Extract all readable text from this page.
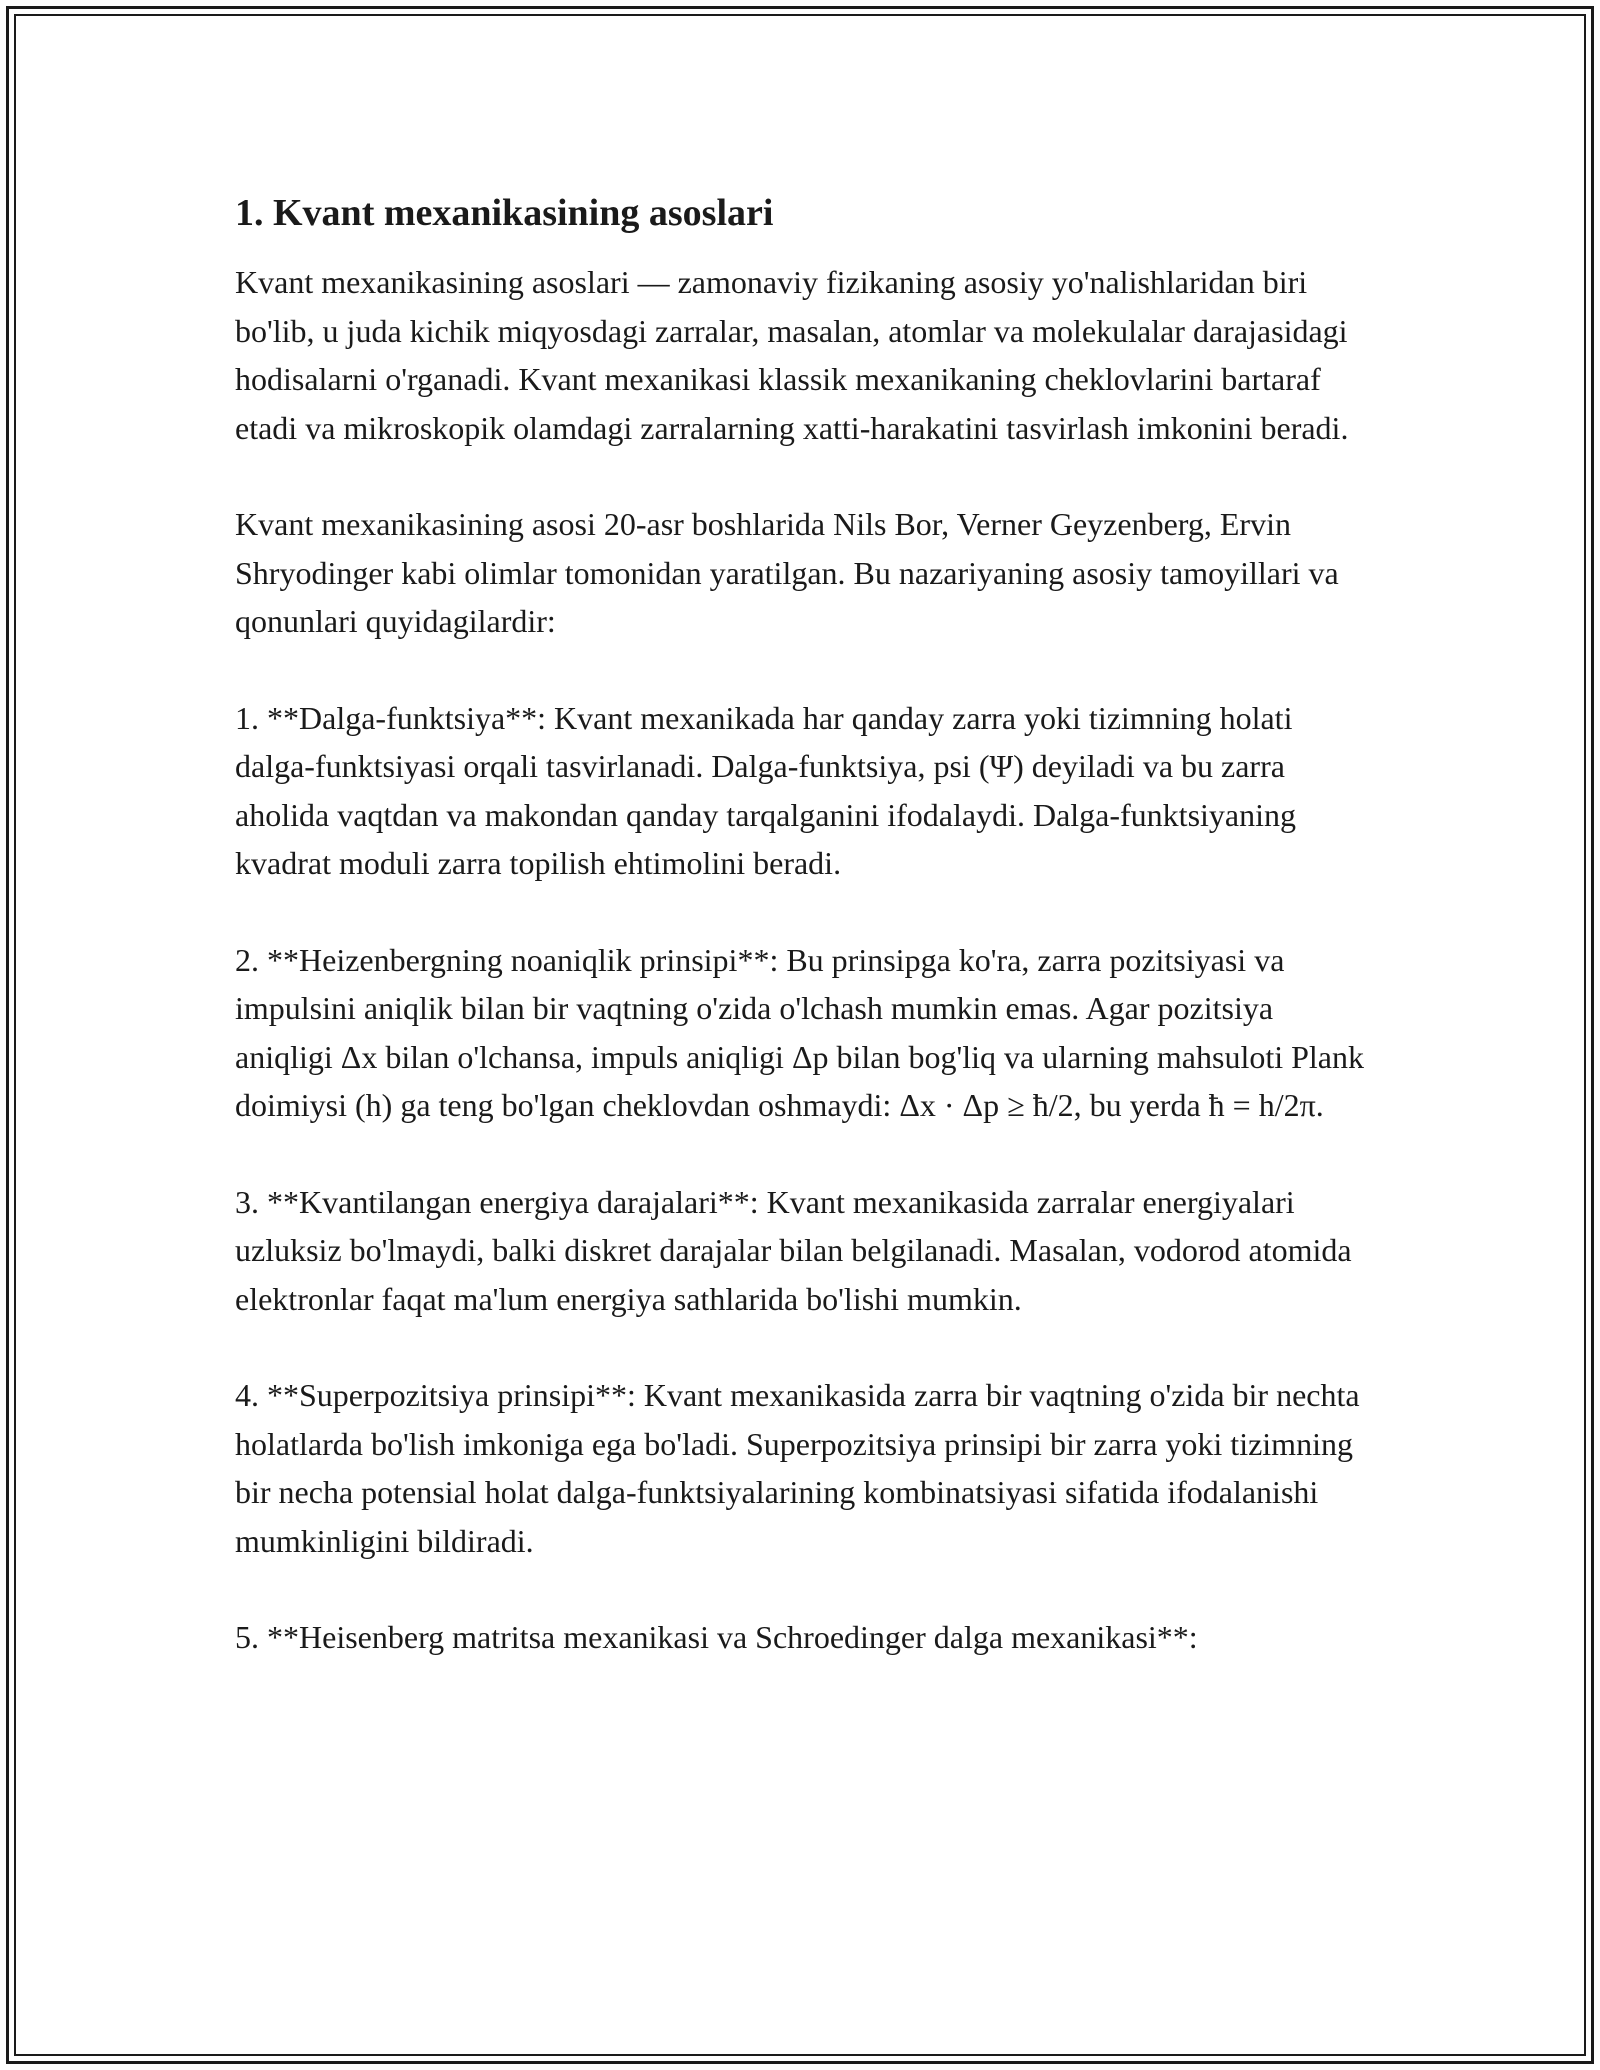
1. Kvant mexanikasining asoslari

Kvant mexanikasining asoslari — zamonaviy fizikaning asosiy yo'nalishlaridan biri bo'lib, u juda kichik miqyosdagi zarralar, masalan, atomlar va molekulalar darajasidagi hodisalarni o'rganadi. Kvant mexanikasi klassik mexanikaning cheklovlarini bartaraf etadi va mikroskopik olamdagi zarralarning xatti-harakatini tasvirlash imkonini beradi.

Kvant mexanikasining asosi 20-asr boshlarida Nils Bor, Verner Geyzenberg, Ervin Shryodinger kabi olimlar tomonidan yaratilgan. Bu nazariyaning asosiy tamoyillari va qonunlari quyidagilardir:

1. **Dalga-funktsiya**: Kvant mexanikada har qanday zarra yoki tizimning holati dalga-funktsiyasi orqali tasvirlanadi. Dalga-funktsiya, psi (Ψ) deyiladi va bu zarra aholida vaqtdan va makondan qanday tarqalganini ifodalaydi. Dalga-funktsiyaning kvadrat moduli zarra topilish ehtimolini beradi.

2. **Heizenbergning noaniqlik prinsipi**: Bu prinsipga ko'ra, zarra pozitsiyasi va impulsini aniqlik bilan bir vaqtning o'zida o'lchash mumkin emas. Agar pozitsiya aniqligi Δx bilan o'lchansa, impuls aniqligi Δp bilan bog'liq va ularning mahsuloti Plank doimiysi (h) ga teng bo'lgan cheklovdan oshmaydi: Δx · Δp ≥ ħ/2, bu yerda ħ = h/2π.

3. **Kvantilangan energiya darajalari**: Kvant mexanikasida zarralar energiyalari uzluksiz bo'lmaydi, balki diskret darajalar bilan belgilanadi. Masalan, vodorod atomida elektronlar faqat ma'lum energiya sathlarida bo'lishi mumkin.

4. **Superpozitsiya prinsipi**: Kvant mexanikasida zarra bir vaqtning o'zida bir nechta holatlarda bo'lish imkoniga ega bo'ladi. Superpozitsiya prinsipi bir zarra yoki tizimning bir necha potensial holat dalga-funktsiyalarining kombinatsiyasi sifatida ifodalanishi mumkinligini bildiradi.

5. **Heisenberg matritsa mexanikasi va Schroedinger dalga mexanikasi**:
